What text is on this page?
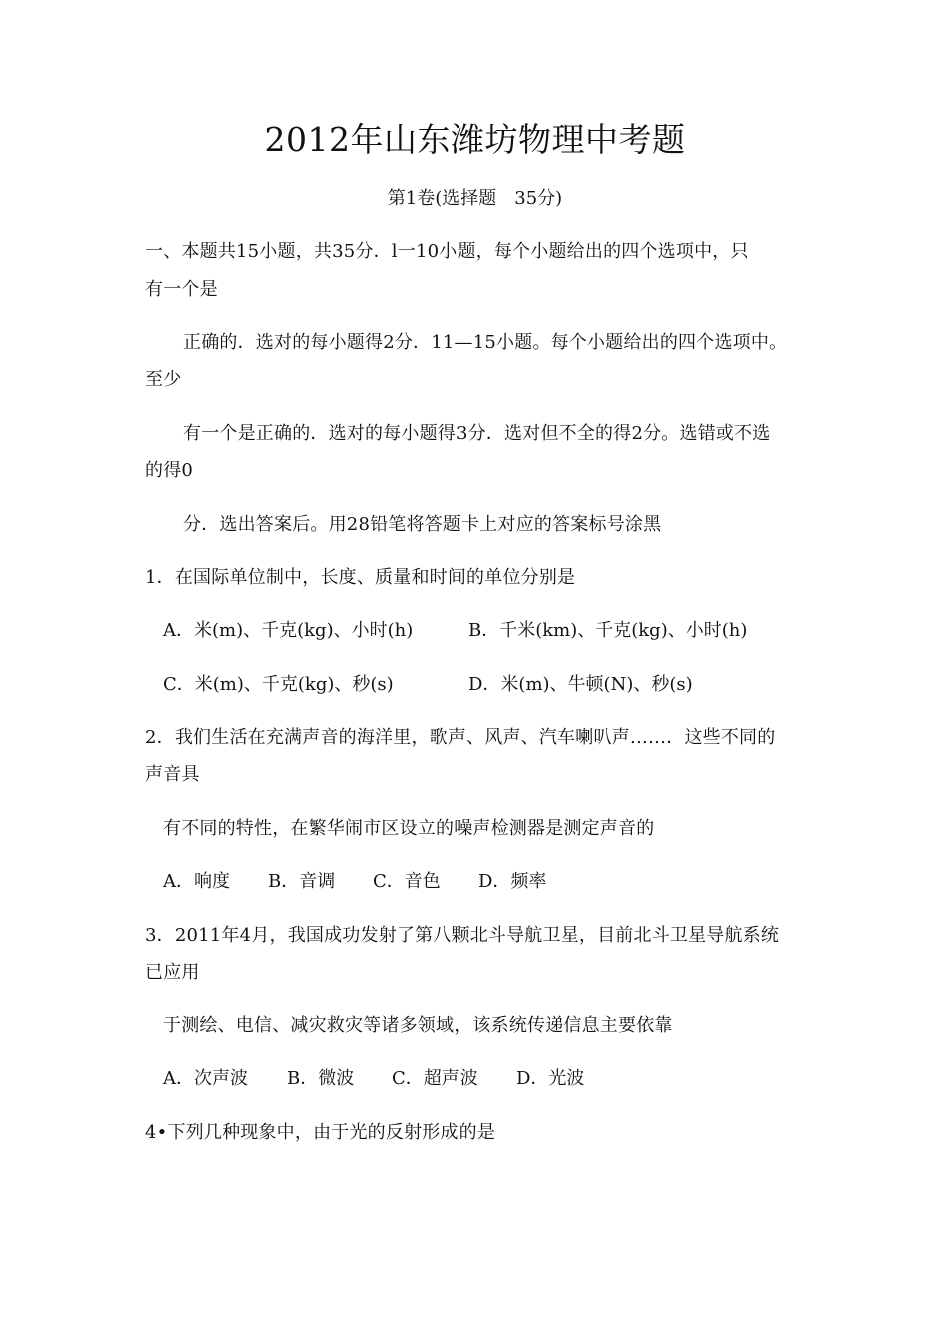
2012年山东潍坊物理中考题
第1卷(选择题　35分)
一、本题共15小题，共35分．l一10小题，每个小题给出的四个选项中，只
有一个是
正确的．选对的每小题得2分．11—15小题。每个小题给出的四个选项中。
至少
有一个是正确的．选对的每小题得3分．选对但不全的得2分。选错或不选
的得0
分．选出答案后。用28铅笔将答题卡上对应的答案标号涂黑
1．在国际单位制中，长度、质量和时间的单位分别是
A．米(m)、千克(kg)、小时(h)	B．千米(km)、千克(kg)、小时(h)
C．米(m)、千克(kg)、秒(s)	D．米(m)、牛顿(N)、秒(s)
2．我们生活在充满声音的海洋里，歌声、风声、汽车喇叭声……．这些不同的
声音具
有不同的特性，在繁华闹市区设立的噪声检测器是测定声音的
A．响度 B．音调 C．音色 D．频率
3．2011年4月，我国成功发射了第八颗北斗导航卫星，目前北斗卫星导航系统
已应用
于测绘、电信、减灾救灾等诸多领域，该系统传递信息主要依靠
A．次声波 B．微波 C．超声波 D．光波
4•下列几种现象中，由于光的反射形成的是
